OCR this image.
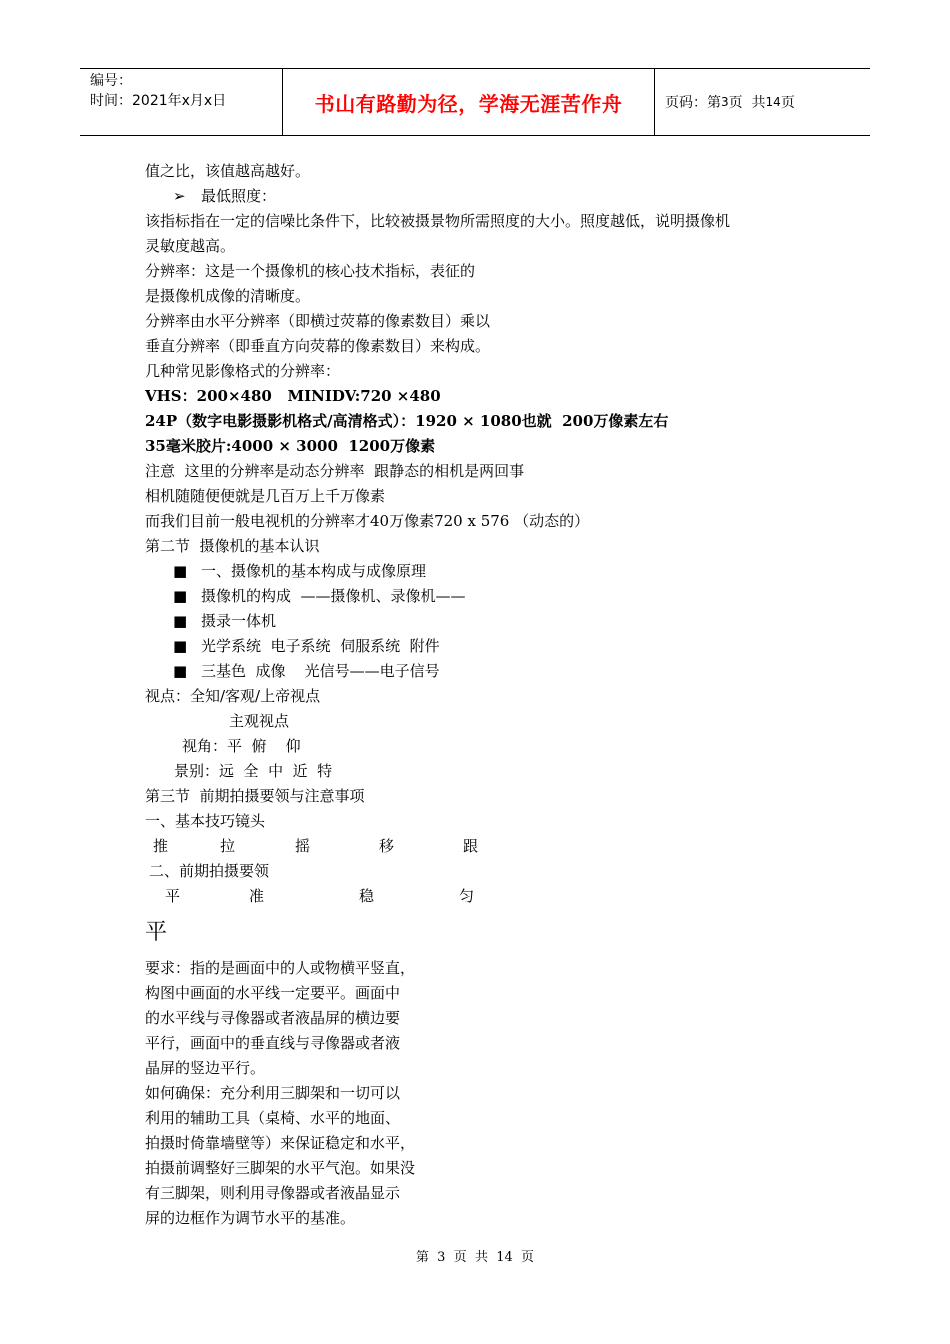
编号：
时间：2021年x月x日	书山有路勤为径，学海无涯苦作舟	页码：第 3 页  共 14 页
值之比，该值越高越好。
➢ 最低照度：
该指标指在一定的信噪比条件下，比较被摄景物所需照度的大小。照度越低，说明摄像机
灵敏度越高。
分辨率：这是一个摄像机的核心技术指标，表征的
是摄像机成像的清晰度。
分辨率由水平分辨率（即横过荧幕的像素数目）乘以
垂直分辨率（即垂直方向荧幕的像素数目）来构成。
几种常见影像格式的分辨率：
VHS：200×480   MINIDV:720 ×480
24P（数字电影摄影机格式/高清格式）：1920 × 1080也就  200万像素左右
35毫米胶片:4000 × 3000  1200万像素
注意  这里的分辨率是动态分辨率  跟静态的相机是两回事
相机随随便便就是几百万上千万像素
而我们目前一般电视机的分辨率才40万像素720 x 576 （动态的）
第二节  摄像机的基本认识
■ 一、摄像机的基本构成与成像原理
■ 摄像机的构成  ——摄像机、录像机——
■ 摄录一体机
■ 光学系统  电子系统  伺服系统  附件
■ 三基色  成像    光信号——电子信号
视点：全知/客观/上帝视点
主观视点
视角：平  俯    仰
景别：远  全  中  近  特
第三节  前期拍摄要领与注意事项
一、基本技巧镜头
推	拉	摇	移	跟
二、前期拍摄要领
平	准	稳	匀
平
要求：指的是画面中的人或物横平竖直，
构图中画面的水平线一定要平。画面中
的水平线与寻像器或者液晶屏的横边要
平行，画面中的垂直线与寻像器或者液
晶屏的竖边平行。
如何确保：充分利用三脚架和一切可以
利用的辅助工具（桌椅、水平的地面、
拍摄时倚靠墙壁等）来保证稳定和水平，
拍摄前调整好三脚架的水平气泡。如果没
有三脚架，则利用寻像器或者液晶显示
屏的边框作为调节水平的基准。
第  3  页  共  14  页
